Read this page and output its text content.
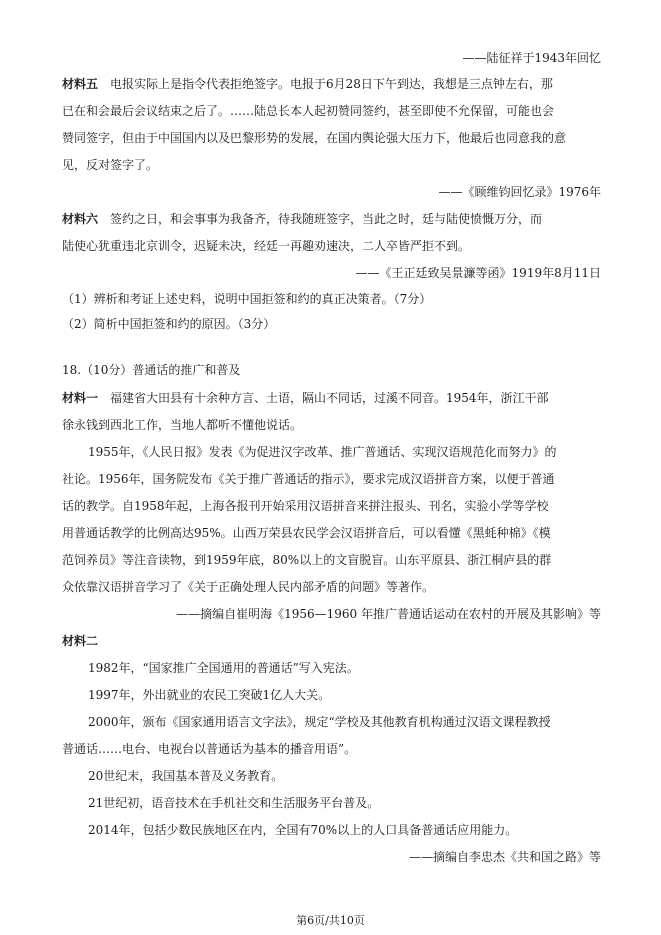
——陆征祥于1943年回忆
材料五 电报实际上是指令代表拒绝签字。电报于6月28日下午到达，我想是三点钟左右，那
已在和会最后会议结束之后了。……陆总长本人起初赞同签约，甚至即使不允保留，可能也会
赞同签字，但由于中国国内以及巴黎形势的发展，在国内舆论强大压力下，他最后也同意我的意
见，反对签字了。
——《顾维钧回忆录》1976年
材料六 签约之日，和会事事为我备齐，待我随班签字，当此之时，廷与陆使愤慨万分，而
陆使心犹重违北京训令，迟疑未决，经廷一再趣劝速决，二人卒皆严拒不到。
——《王正廷致吴景濂等函》1919年8月11日
（1）辨析和考证上述史料，说明中国拒签和约的真正决策者。（7分）
（2）简析中国拒签和约的原因。（3分）
18.（10分）普通话的推广和普及
材料一 福建省大田县有十余种方言、土语，隔山不同话，过溪不同音。1954年，浙江干部
徐永钱到西北工作，当地人都听不懂他说话。
1955年，《人民日报》发表《为促进汉字改革、推广普通话、实现汉语规范化而努力》的
社论。1956年，国务院发布《关于推广普通话的指示》，要求完成汉语拼音方案，以便于普通
话的教学。自1958年起，上海各报刊开始采用汉语拼音来拼注报头、刊名，实验小学等学校
用普通话教学的比例高达95%。山西万荣县农民学会汉语拼音后，可以看懂《黑蚝种棉》《模
范饲养员》等注音读物，到1959年底，80%以上的文盲脱盲。山东平原县、浙江桐庐县的群
众依靠汉语拼音学习了《关于正确处理人民内部矛盾的问题》等著作。
——摘编自崔明海《1956—1960 年推广普通话运动在农村的开展及其影响》等
材料二
1982年，“国家推广全国通用的普通话”写入宪法。
1997年，外出就业的农民工突破1亿人大关。
2000年，颁布《国家通用语言文字法》，规定“学校及其他教育机构通过汉语文课程教授
普通话……电台、电视台以普通话为基本的播音用语”。
20世纪末，我国基本普及义务教育。
21世纪初，语音技术在手机社交和生活服务平台普及。
2014年，包括少数民族地区在内，全国有70%以上的人口具备普通话应用能力。
——摘编自李忠杰《共和国之路》等
第6页/共10页
